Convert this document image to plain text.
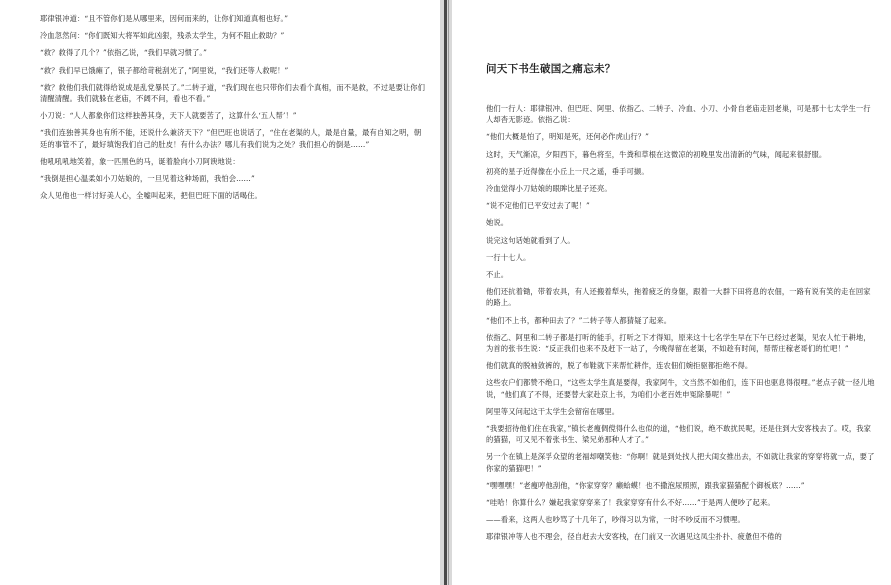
耶律银冲道：“且不管你们是从哪里来，因何而来的，让你们知道真相也好。”

冷血忽然问：“你们既知大将军如此凶狠，残杀太学生，为何不阻止救助？”

“救？救得了几个？”依指乙说，“我们早就习惯了。”

“救？我们早已饿瘫了，银子都给苛税刮光了，”阿里说，“我们还等人救呢！”

“救？救他们我们就得给说成是乱党暴民了。”二转子道，“我们现在也只带你们去看个真相，而不是救，不过是要让你们清醒清醒。我们就躲在老庙，不阔不问，看也不看。”

小刀说：“人人都象你们这样独善其身，天下人就要苦了，这算什么‘五人帮’！”

“我们连独善其身也有所不能，还说什么兼济天下？”但巴旺也说话了，“住在老渠的人，最是自量，最有自知之明，朝廷的事管不了，最好填饱我们自己的肚皮！有什么办法？哪儿有我们说为之处？我们担心的倒是……”

他吼吼吼地笑着，象一匹黑色的马，诞着脸向小刀阿谀地说：

“我倒是担心温柔如小刀姑娘的，一旦见着这种场面，我怕会……”

众人见他也一样讨好美人心，全嘘叫起来，把但巴旺下面的话喝住。

问天下书生破国之痛忘未？

他们一行人：耶律银冲、但巴旺、阿里、依指乙、二转子、冷血、小刀、小骨自老庙走回老巢，可是那十七太学生一行人却杳无影迹。依指乙说：

“他们大概是怕了，明知是死，还何必作虎山行？”

这时，天气渐凉，夕阳西下，暮色将至，牛粪和草根在这微凉的初晚里发出清新的气味，闻起来很舒服。

初亮的星子近得像在小丘上一尺之遥，垂手可撷。

冷血觉得小刀姑娘的眼眸比星子还亮。

“说不定他们已平安过去了呢！”

她说。

说完这句话她就看到了人。

一行十七人。

不止。

他们还抗着锄，带着农具，有人还搬着犁头，拖着疲乏的身躯，跟着一大群下田将息的农佃，一路有说有笑的走在回家的路上。

“他们不上书，都种田去了？”二转子等人都猜疑了起来。

依指乙、阿里和二转子都是打听的能手，打听之下才得知，原来这十七名学生早在下午已经过老渠，见农人忙于耕地，为首的张书生说：“反正我们也来不及赶下一站了，今晚得留在老渠，不如趁有时间，帮帮庄稼老哥们的忙吧！”

他们就真的脱袖敛裤的，脱了布鞋就下来帮忙耕作，连农佃们婉拒驱都拒绝不得。

这些农户们都赞不绝口，“这些太学生真是要得，我家阿牛，文当然不如他们，连下田也驱息得很哩。”老点子就一径儿地说，“他们真了不得，还要替大家赴京上书，为咱们小老百姓申冤除暴呢！”

阿里等又问起这干太学生会留宿在哪里。

“我要招待他们住在我家，”镇长老瘦倜傥得什么也似的道，“他们说，绝不敢扰民呢，还是住到大安客栈去了。哎，我家的猫猫，可又见不着张书生、梁兄弟那种人才了。”

另一个在镇上是深孚众望的老福却嘲笑他：“你啊！就是到处找人把大闺女推出去，不如就让我家的穿穿将就一点，要了你家的猫猫吧！”

“嘿嘿嘿！”老瘦哼他刮他，“你家穿穿？癞蛤蟆！也不撒泡尿照照，跟我家猫猫配个御板底？……”

“哇哈！你算什么？嫌起我家穿穿来了！我家穿穿有什么不好……”于是两人便吵了起来。

——看来，这两人也吵骂了十几年了，吵得习以为常，一时不吵反而不习惯哩。

耶律银冲等人也不理会，径自赶去大安客栈，在门前又一次遇见这凤尘扑扑、疲惫但不倦的
